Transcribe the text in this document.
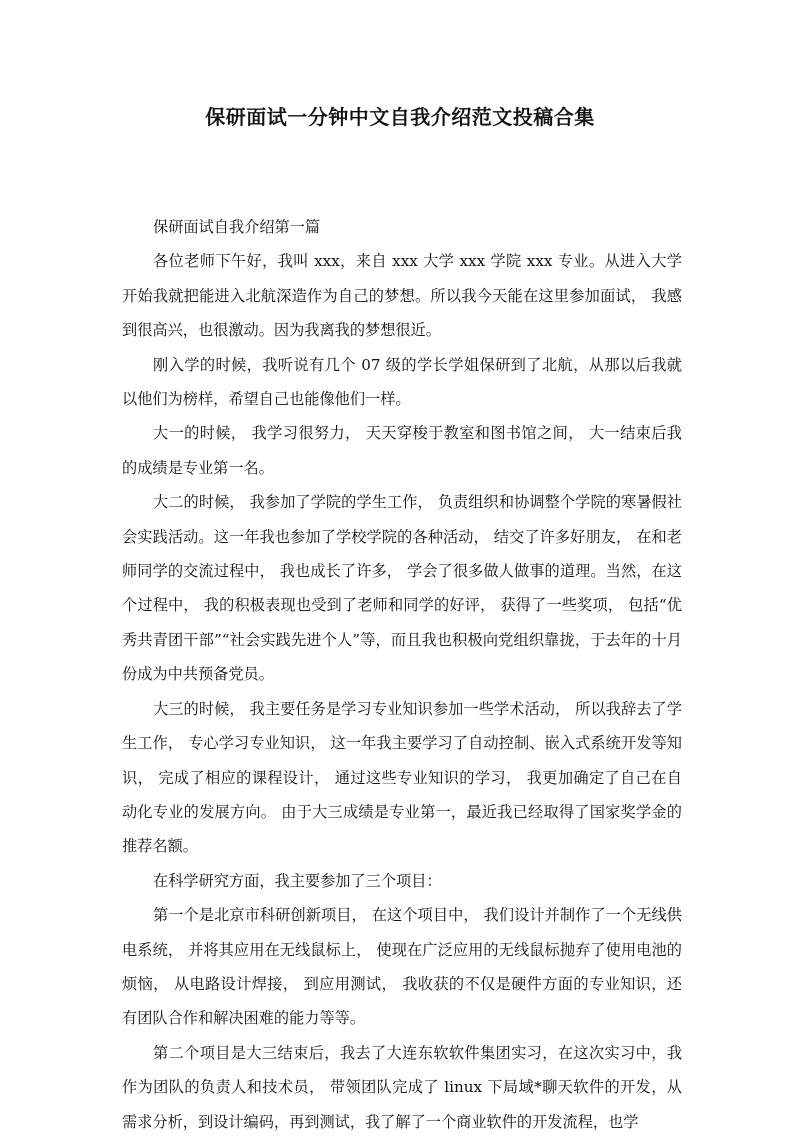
保研面试一分钟中文自我介绍范文投稿合集

保研面试自我介绍第一篇

各位老师下午好，我叫 xxx，来自 xxx 大学 xxx 学院 xxx 专业。从进入大学开始我就把能进入北航深造作为自己的梦想。所以我今天能在这里参加面试， 我感到很高兴，也很激动。因为我离我的梦想很近。

刚入学的时候，我听说有几个 07 级的学长学姐保研到了北航，从那以后我就以他们为榜样，希望自己也能像他们一样。

大一的时候， 我学习很努力， 天天穿梭于教室和图书馆之间， 大一结束后我的成绩是专业第一名。

大二的时候， 我参加了学院的学生工作， 负责组织和协调整个学院的寒暑假社会实践活动。这一年我也参加了学校学院的各种活动， 结交了许多好朋友， 在和老师同学的交流过程中， 我也成长了许多， 学会了很多做人做事的道理。当然，在这个过程中， 我的积极表现也受到了老师和同学的好评， 获得了一些奖项， 包括“优秀共青团干部”“社会实践先进个人”等，而且我也积极向党组织靠拢，于去年的十月份成为中共预备党员。

大三的时候， 我主要任务是学习专业知识参加一些学术活动， 所以我辞去了学生工作， 专心学习专业知识， 这一年我主要学习了自动控制、嵌入式系统开发等知识， 完成了相应的课程设计， 通过这些专业知识的学习， 我更加确定了自己在自动化专业的发展方向。 由于大三成绩是专业第一，最近我已经取得了国家奖学金的推荐名额。

在科学研究方面，我主要参加了三个项目：

第一个是北京市科研创新项目， 在这个项目中， 我们设计并制作了一个无线供电系统， 并将其应用在无线鼠标上， 使现在广泛应用的无线鼠标抛弃了使用电池的烦恼， 从电路设计焊接， 到应用测试， 我收获的不仅是硬件方面的专业知识，还有团队合作和解决困难的能力等等。

第二个项目是大三结束后，我去了大连东软软件集团实习，在这次实习中，我作为团队的负责人和技术员， 带领团队完成了 linux 下局域*聊天软件的开发，从需求分析，到设计编码，再到测试，我了解了一个商业软件的开发流程，也学
